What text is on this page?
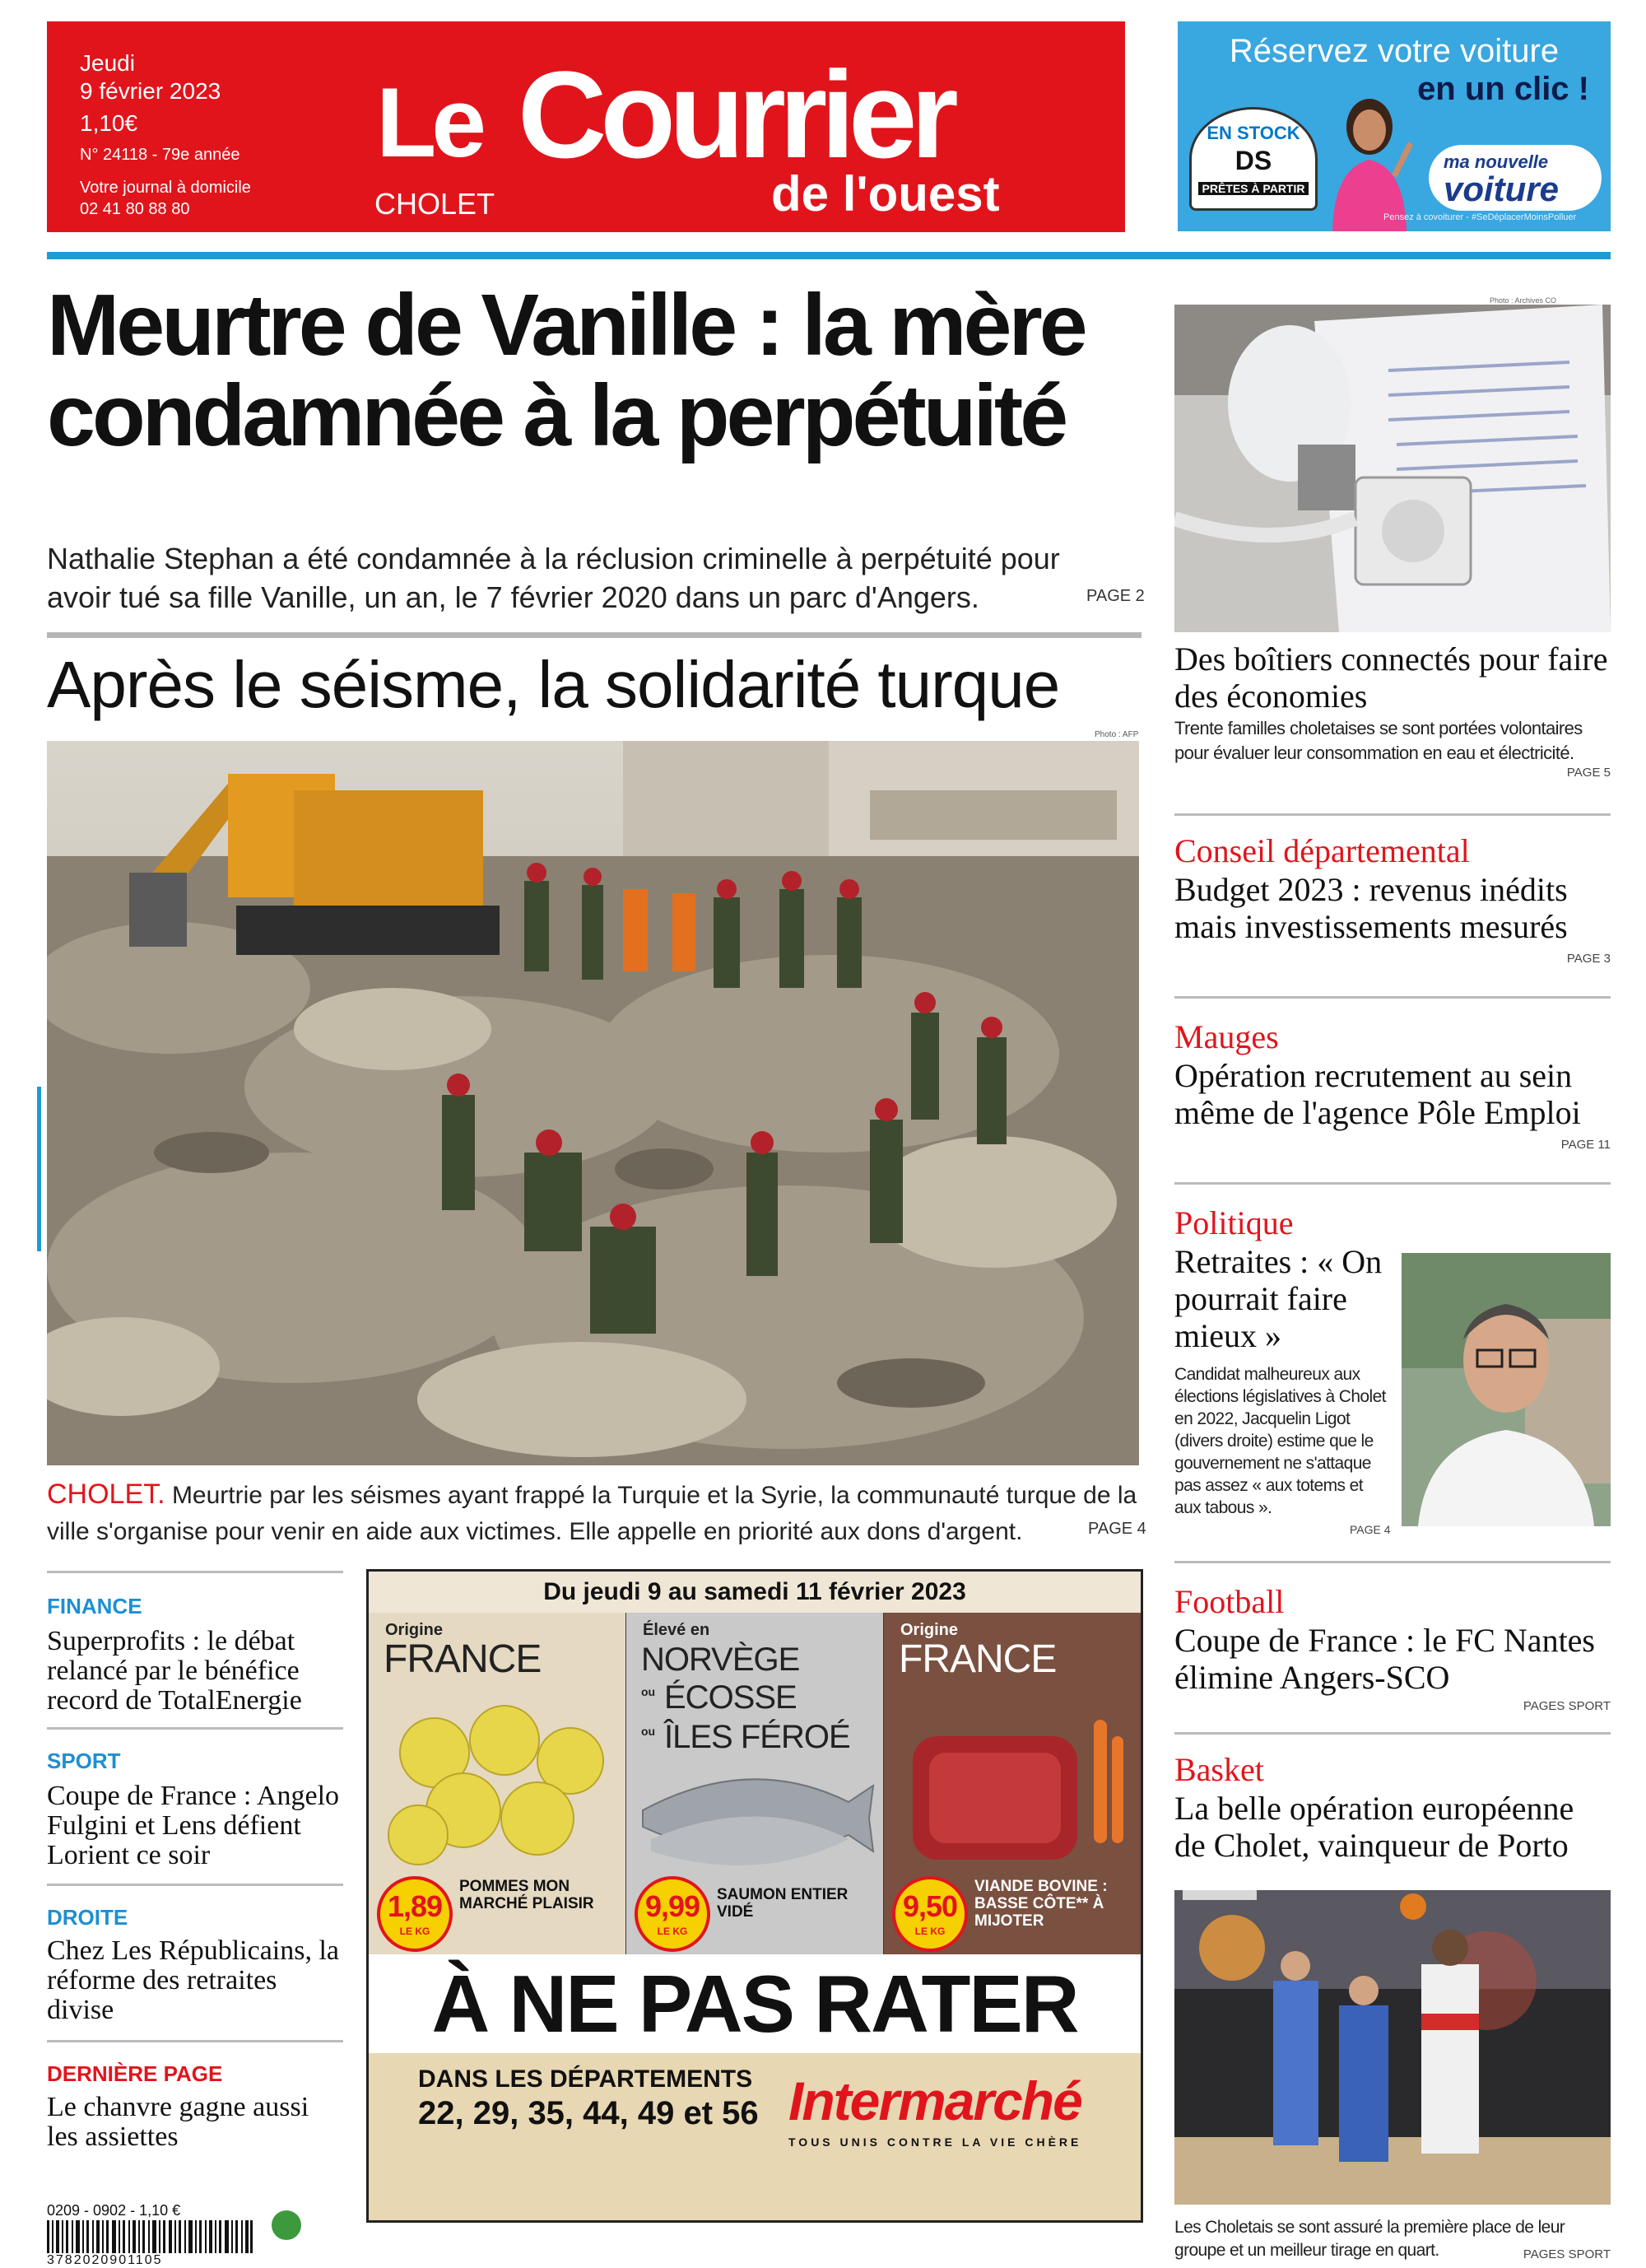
Jeudi
9 février 2023
1,10€
N° 24118 - 79e année
Votre journal à domicile
02 41 80 88 80
Le Courrier
de l'ouest
CHOLET
Réservez votre voiture
en un clic !
EN STOCK
DS
PRÊTES À PARTIR
ma nouvelle
voiture
Pensez à covoiturer - #SeDéplacerMoinsPolluer
Meurtre de Vanille : la mère condamnée à la perpétuité
Nathalie Stephan a été condamnée à la réclusion criminelle à perpétuité pour avoir tué sa fille Vanille, un an, le 7 février 2020 dans un parc d'Angers.	PAGE 2
Après le séisme, la solidarité turque
Photo : AFP
CHOLET. Meurtrie par les séismes ayant frappé la Turquie et la Syrie, la communauté turque de la ville s'organise pour venir en aide aux victimes. Elle appelle en priorité aux dons d'argent.	PAGE 4
FINANCE
Superprofits : le débat relancé par le bénéfice record de TotalEnergie
SPORT
Coupe de France : Angelo Fulgini et Lens défient Lorient ce soir
DROITE
Chez Les Républicains, la réforme des retraites divise
DERNIÈRE PAGE
Le chanvre gagne aussi les assiettes
Du jeudi 9 au samedi 11 février 2023
Origine
FRANCE
1,89
LE KG
POMMES MON MARCHÉ PLAISIR
Élevé en
NORVÈGE
ou ÉCOSSE
ou ÎLES FÉROÉ
9,99
LE KG
SAUMON ENTIER VIDÉ
Origine
FRANCE
9,50
LE KG
VIANDE BOVINE : BASSE CÔTE** À MIJOTER
À NE PAS RATER
DANS LES DÉPARTEMENTS
22, 29, 35, 44, 49 et 56 Intermarché
TOUS UNIS CONTRE LA VIE CHÈRE
0209 - 0902 - 1,10 €
3782020901105
Photo : Archives CO
Des boîtiers connectés pour faire des économies
Trente familles choletaises se sont portées volontaires pour évaluer leur consommation en eau et électricité.
PAGE 5
Conseil départemental
Budget 2023 : revenus inédits mais investissements mesurés
PAGE 3
Mauges
Opération recrutement au sein même de l'agence Pôle Emploi
PAGE 11
Politique
Retraites : « On pourrait faire mieux »
Candidat malheureux aux élections législatives à Cholet en 2022, Jacquelin Ligot (divers droite) estime que le gouvernement ne s'attaque pas assez « aux totems et aux tabous ».
PAGE 4
Football
Coupe de France : le FC Nantes élimine Angers-SCO
PAGES SPORT
Basket
La belle opération européenne de Cholet, vainqueur de Porto
Les Choletais se sont assuré la première place de leur groupe et un meilleur tirage en quart.	PAGES SPORT
